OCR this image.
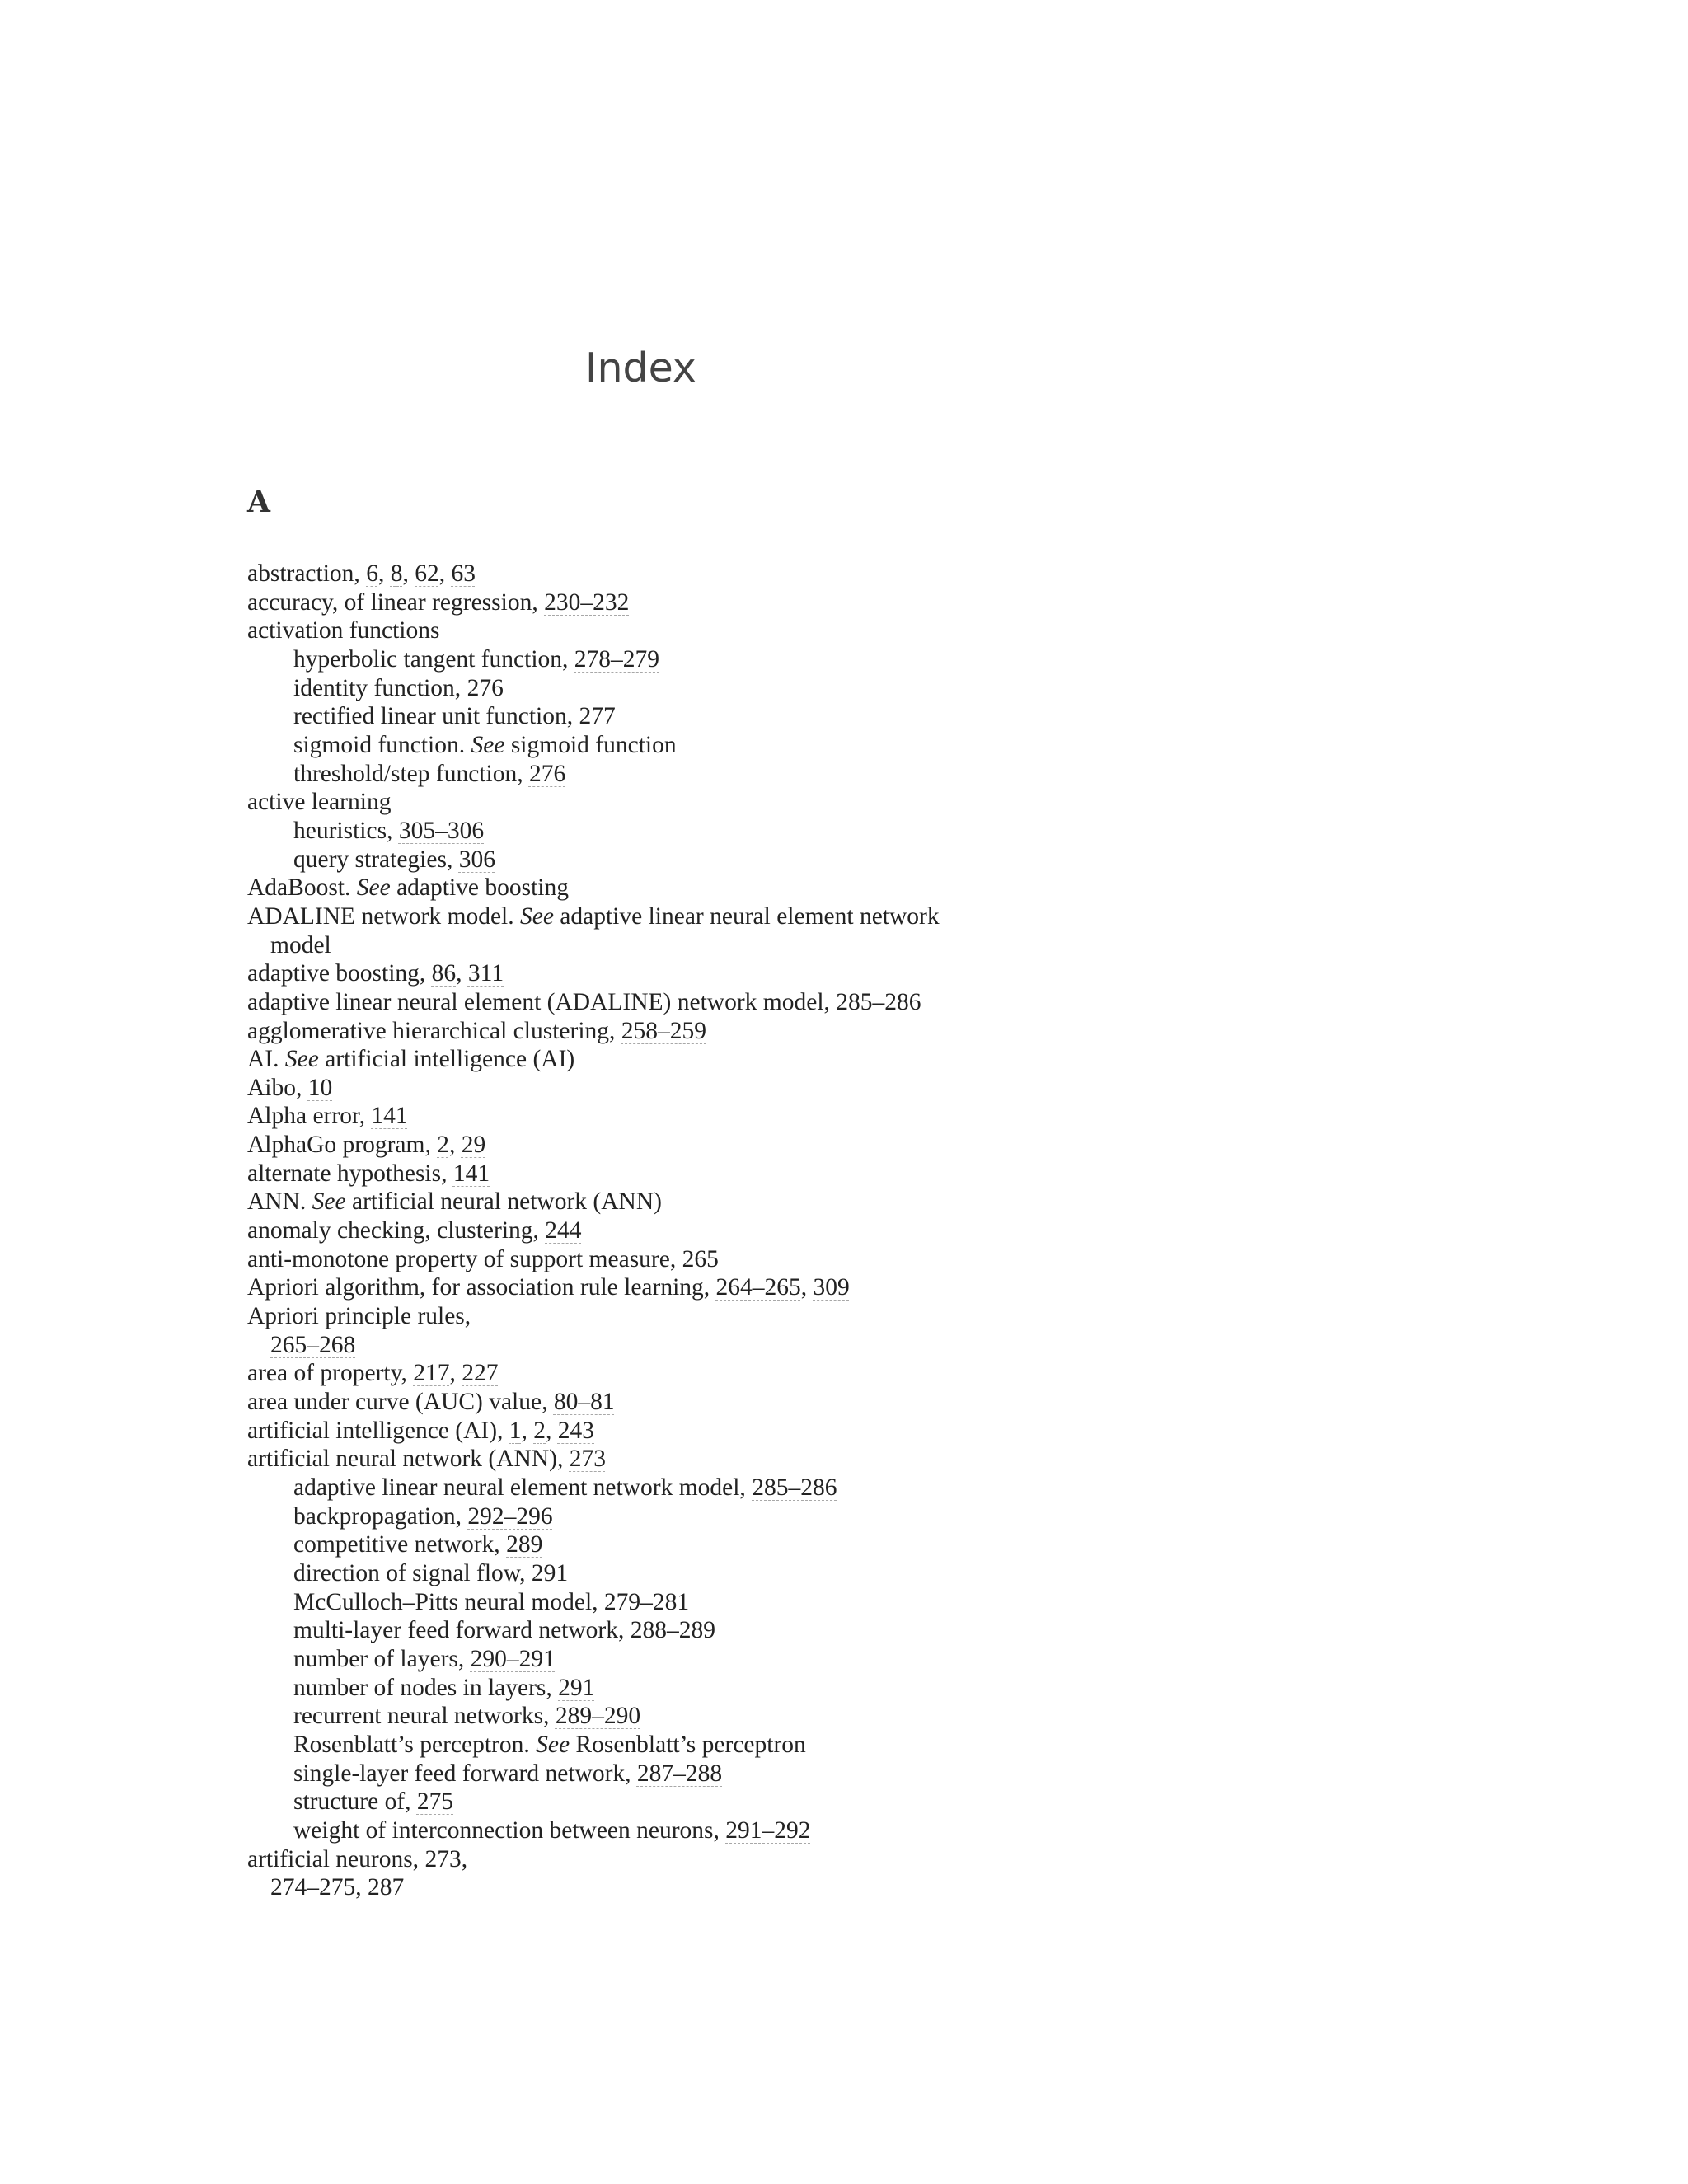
Index
A
abstraction, 6, 8, 62, 63
accuracy, of linear regression, 230–232
activation functions
hyperbolic tangent function, 278–279
identity function, 276
rectified linear unit function, 277
sigmoid function. See sigmoid function
threshold/step function, 276
active learning
heuristics, 305–306
query strategies, 306
AdaBoost. See adaptive boosting
ADALINE network model. See adaptive linear neural element network model
adaptive boosting, 86, 311
adaptive linear neural element (ADALINE) network model, 285–286
agglomerative hierarchical clustering, 258–259
AI. See artificial intelligence (AI)
Aibo, 10
Alpha error, 141
AlphaGo program, 2, 29
alternate hypothesis, 141
ANN. See artificial neural network (ANN)
anomaly checking, clustering, 244
anti-monotone property of support measure, 265
Apriori algorithm, for association rule learning, 264–265, 309
Apriori principle rules,
265–268
area of property, 217, 227
area under curve (AUC) value, 80–81
artificial intelligence (AI), 1, 2, 243
artificial neural network (ANN), 273
adaptive linear neural element network model, 285–286
backpropagation, 292–296
competitive network, 289
direction of signal flow, 291
McCulloch–Pitts neural model, 279–281
multi-layer feed forward network, 288–289
number of layers, 290–291
number of nodes in layers, 291
recurrent neural networks, 289–290
Rosenblatt’s perceptron. See Rosenblatt’s perceptron
single-layer feed forward network, 287–288
structure of, 275
weight of interconnection between neurons, 291–292
artificial neurons, 273,
274–275, 287
